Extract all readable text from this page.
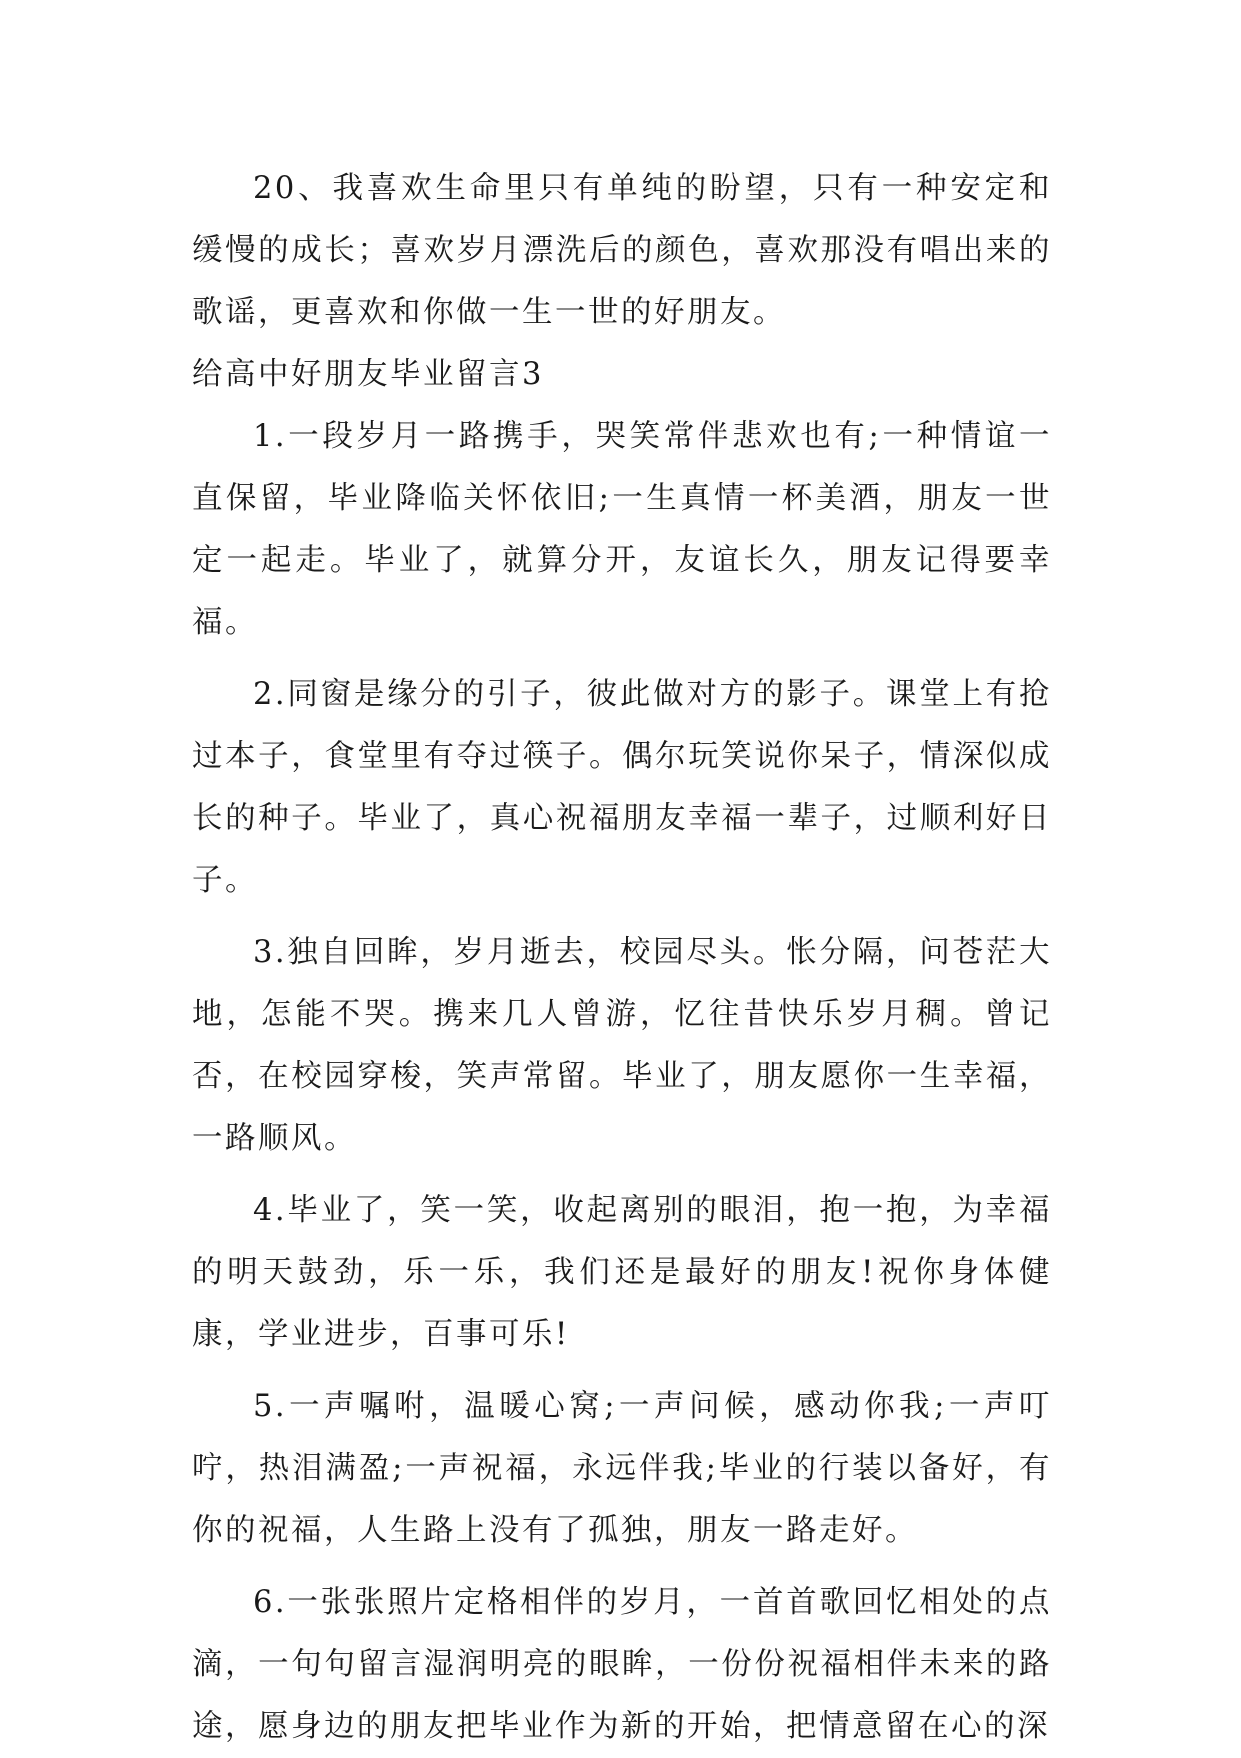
20、我喜欢生命里只有单纯的盼望，只有一种安定和缓慢的成长；喜欢岁月漂洗后的颜色，喜欢那没有唱出来的歌谣，更喜欢和你做一生一世的好朋友。

给高中好朋友毕业留言3

1.一段岁月一路携手，哭笑常伴悲欢也有;一种情谊一直保留，毕业降临关怀依旧;一生真情一杯美酒，朋友一世定一起走。毕业了，就算分开，友谊长久，朋友记得要幸福。

2.同窗是缘分的引子，彼此做对方的影子。课堂上有抢过本子，食堂里有夺过筷子。偶尔玩笑说你呆子，情深似成长的种子。毕业了，真心祝福朋友幸福一辈子，过顺利好日子。

3.独自回眸，岁月逝去，校园尽头。怅分隔，问苍茫大地，怎能不哭。携来几人曾游，忆往昔快乐岁月稠。曾记否，在校园穿梭，笑声常留。毕业了，朋友愿你一生幸福，一路顺风。

4.毕业了，笑一笑，收起离别的眼泪，抱一抱，为幸福的明天鼓劲，乐一乐，我们还是最好的朋友!祝你身体健康，学业进步，百事可乐!

5.一声嘱咐，温暖心窝;一声问候，感动你我;一声叮咛，热泪满盈;一声祝福，永远伴我;毕业的行装以备好，有你的祝福，人生路上没有了孤独，朋友一路走好。

6.一张张照片定格相伴的岁月，一首首歌回忆相处的点滴，一句句留言湿润明亮的眼眸，一份份祝福相伴未来的路途，愿身边的朋友把毕业作为新的开始，把情意留在心的深
